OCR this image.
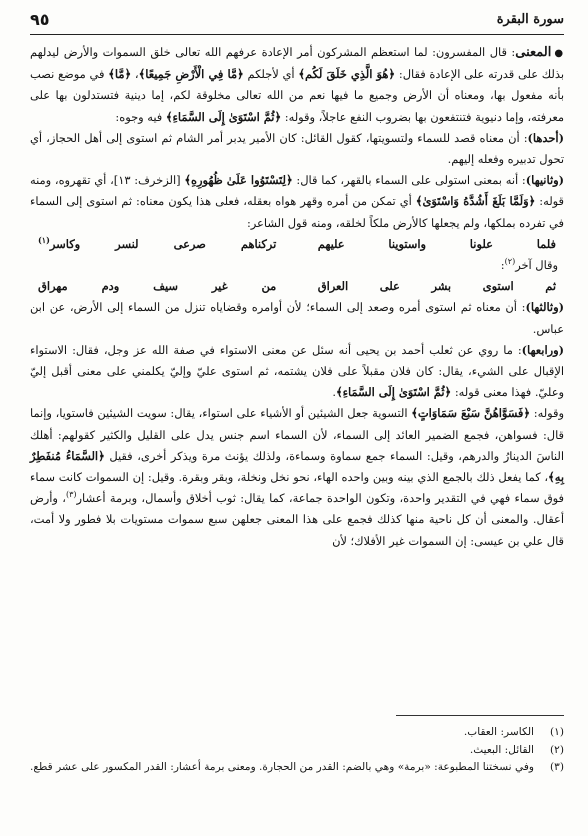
سورة البقرة
٩٥

●المعنى: قال المفسرون: لما استعظم المشركون أمر الإعادة عرفهم الله تعالى خلق السموات والأرض ليدلهم بذلك على قدرته على الإعادة فقال: ﴿هُوَ الَّذِي خَلَقَ لَكُم﴾ أي لأجلكم ﴿مَّا فِي الْأَرْضِ جَمِيعًا﴾، ﴿مَّا﴾ في موضع نصب بأنه مفعول بها، ومعناه أن الأرض وجميع ما فيها نعم من الله تعالى مخلوقة لكم، إما دينية فتستدلون بها على معرفته، وإما دنيوية فتنتفعون بها بضروب النفع عاجلاً، وقوله: ﴿ثُمَّ اسْتَوَىٰ إِلَى السَّمَاءِ﴾ فيه وجوه:

(أحدها): أن معناه قصد للسماء ولتسويتها، كقول القائل: كان الأمير يدبر أمر الشام ثم استوى إلى أهل الحجاز، أي تحول تدبيره وفعله إليهم.

(وثانيها): أنه بمعنى استولى على السماء بالقهر، كما قال: ﴿لِتَسْتَوُوا عَلَىٰ ظُهُورِهِ﴾ [الزخرف: ١٣]، أي تقهروه، ومنه قوله: ﴿وَلَمَّا بَلَغَ أَشُدَّهُ وَاسْتَوَىٰ﴾ أي تمكن من أمره وقهر هواه بعقله، فعلى هذا يكون معناه: ثم استوى إلى السماء في تفرده بملكها، ولم يجعلها كالأرض ملكاً لخلقه، ومنه قول الشاعر:

فلما علونا واستوينا عليهم
تركناهم صرعى لنسر وكاسر$^{(١)}$
وقال آخر$^{(٢)}$:
ثم استوى بشر على العراق
من غير سيف ودم مهراق

(وثالثها): أن معناه ثم استوى أمره وصعد إلى السماء؛ لأن أوامره وقضاياه تنزل من السماء إلى الأرض، عن ابن عباس.

(ورابعها): ما روي عن ثعلب أحمد بن يحيى أنه سئل عن معنى الاستواء في صفة الله عز وجل، فقال: الاستواء الإقبال على الشيء، يقال: كان فلان مقبلاً على فلان يشتمه، ثم استوى عليّ وإليّ يكلمني على معنى أقبل إليّ وعليّ. فهذا معنى قوله: ﴿ثُمَّ اسْتَوَىٰ إِلَى السَّمَاءِ﴾.

وقوله: ﴿فَسَوَّاهُنَّ سَبْعَ سَمَاوَاتٍ﴾ التسوية جعل الشيئين أو الأشياء على استواء، يقال: سويت الشيئين فاستويا، وإنما قال: فسواهن، فجمع الضمير العائد إلى السماء، لأن السماء اسم جنس يدل على القليل والكثير كقولهم: أهلك الناسَ الدينارُ والدرهم، وقيل: السماء جمع سماوة وسماءة، ولذلك يؤنث مرة ويذكر أخرى، فقيل ﴿السَّمَاءُ مُنفَطِرٌ بِهِ﴾، كما يفعل ذلك بالجمع الذي بينه وبين واحده الهاء، نحو نخل ونخلة، وبقر وبقرة. وقيل: إن السموات كانت سماء فوق سماء فهي في التقدير واحدة، وتكون الواحدة جماعة، كما يقال: ثوب أخلاق وأسمال، وبرمة أعشار$^{(٣)}$، وأرض أعقال. والمعنى أن كل ناحية منها كذلك فجمع على هذا المعنى جعلهن سبع سموات مستويات بلا فطور ولا أمت، قال علي بن عيسى: إن السموات غير الأفلاك؛ لأن

(١)
الكاسر: العقاب.
(٢)
القائل: البعيث.
(٣)
وفي نسختنا المطبوعة: «برمة» وهي بالضم: القدر من الحجارة. ومعنى برمة أعشار: القدر المكسور على عشر قطع.
